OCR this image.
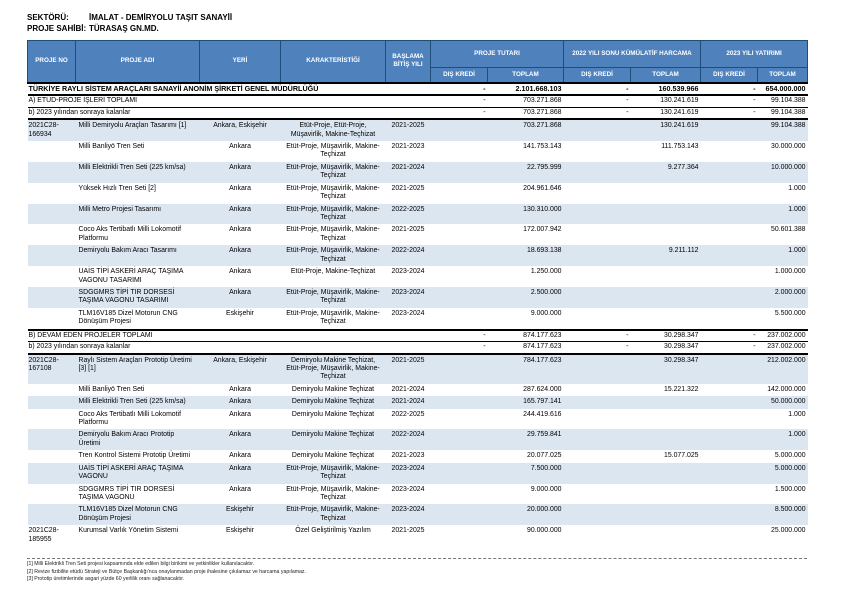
SEKTÖRÜ:	İMALAT - DEMİRYOLU TAŞIT SANAYİİ
PROJE SAHİBİ: TÜRASAŞ GN.MD.
PROJE NO	PROJE ADI	YERİ	KARAKTERİSTİĞİ	BAŞLAMA BİTİŞ YILI	PROJE TUTARI		2022 YILI SONU KÜMÜLATİF HARCAMA		2023 YILI YATIRIMI	
					DIŞ KREDİ	TOPLAM	DIŞ KREDİ	TOPLAM	DIŞ KREDİ	TOPLAM
TÜRKİYE RAYLI SİSTEM ARAÇLARI SANAYİİ ANONİM ŞİRKETİ GENEL MÜDÜRLÜĞÜ					-	2.101.668.103	-	160.539.966	-	654.000.000
A) ETÜD-PROJE İŞLERİ TOPLAMI					-	703.271.868	-	130.241.619	-	99.104.388
b) 2023 yılından sonraya kalanlar					-	703.271.868	-	130.241.619	-	99.104.388
2021C28-166934	Milli Demiryolu Araçları Tasarımı [1]	Ankara, Eskişehir	Etüt-Proje, Etüt-Proje, Müşavirlik, Makine-Teçhizat	2021-2025		703.271.868		130.241.619		99.104.388
	Milli Banliyö Tren Seti	Ankara	Etüt-Proje, Müşavirlik, Makine-Teçhizat	2021-2023		141.753.143		111.753.143		30.000.000
	Milli Elektrikli Tren Seti (225 km/sa)	Ankara	Etüt-Proje, Müşavirlik, Makine-Teçhizat	2021-2024		22.795.999		9.277.364		10.000.000
	Yüksek Hızlı Tren Seti [2]	Ankara	Etüt-Proje, Müşavirlik, Makine-Teçhizat	2021-2025		204.961.646				1.000
	Milli Metro Projesi Tasarımı	Ankara	Etüt-Proje, Müşavirlik, Makine-Teçhizat	2022-2025		130.310.000				1.000
	Coco Aks Tertibatlı Milli Lokomotif Platformu	Ankara	Etüt-Proje, Müşavirlik, Makine-Teçhizat	2021-2025		172.007.942				50.601.388
	Demiryolu Bakım Aracı Tasarımı	Ankara	Etüt-Proje, Müşavirlik, Makine-Teçhizat	2022-2024		18.693.138		9.211.112		1.000
	UAİS TİPİ ASKERİ ARAÇ TAŞIMA VAGONU TASARIMI	Ankara	Etüt-Proje, Makine-Teçhizat	2023-2024		1.250.000				1.000.000
	SDGGMRS TİPİ TIR DORSESİ TAŞIMA VAGONU TASARIMI	Ankara	Etüt-Proje, Müşavirlik, Makine-Teçhizat	2023-2024		2.500.000				2.000.000
	TLM16V185 Dizel Motorun CNG Dönüşüm Projesi	Eskişehir	Etüt-Proje, Müşavirlik, Makine-Teçhizat	2023-2024		9.000.000				5.500.000
B) DEVAM EDEN PROJELER TOPLAMI					-	874.177.623	-	30.298.347	-	237.002.000
b) 2023 yılından sonraya kalanlar					-	874.177.623	-	30.298.347	-	237.002.000
2021C28-167108	Raylı Sistem Araçları Prototip Üretimi [3] [1]	Ankara, Eskişehir	Demiryolu Makine Teçhizat, Etüt-Proje, Müşavirlik, Makine-Teçhizat	2021-2025		784.177.623		30.298.347		212.002.000
	Milli Banliyö Tren Seti	Ankara	Demiryolu Makine Teçhizat	2021-2024		287.624.000		15.221.322		142.000.000
	Milli Elektrikli Tren Seti (225 km/sa)	Ankara	Demiryolu Makine Teçhizat	2021-2024		165.797.141				50.000.000
	Coco Aks Tertibatlı Milli Lokomotif Platformu	Ankara	Demiryolu Makine Teçhizat	2022-2025		244.419.616				1.000
	Demiryolu Bakım Aracı Prototip Üretimi	Ankara	Demiryolu Makine Teçhizat	2022-2024		29.759.841				1.000
	Tren Kontrol Sistemi Prototip Üretimi	Ankara	Demiryolu Makine Teçhizat	2021-2023		20.077.025		15.077.025		5.000.000
	UAİS TİPİ ASKERİ ARAÇ TAŞIMA VAGONU	Ankara	Etüt-Proje, Müşavirlik, Makine-Teçhizat	2023-2024		7.500.000				5.000.000
	SDGGMRS TİPİ TIR DORSESİ TAŞIMA VAGONU	Ankara	Etüt-Proje, Müşavirlik, Makine-Teçhizat	2023-2024		9.000.000				1.500.000
	TLM16V185 Dizel Motorun CNG Dönüşüm Projesi	Eskişehir	Etüt-Proje, Müşavirlik, Makine-Teçhizat	2023-2024		20.000.000				8.500.000
2021C28-185955	Kurumsal Varlık Yönetim Sistemi	Eskişehir	Özel Geliştirilmiş Yazılım	2021-2025		90.000.000				25.000.000
[1] Milli Elektrikli Tren Seti projesi kapsamında elde edilen bilgi birikimi ve yetkinlikler kullanılacaktır.
[2] Revize fizibilite etüdü Strateji ve Bütçe Başkanlığı'nca onaylanmadan proje ihalesine çıkılamaz ve harcama yapılamaz.
[3] Prototip üretimlerinde asgari yüzde 60 yerlilik oranı sağlanacaktır.
